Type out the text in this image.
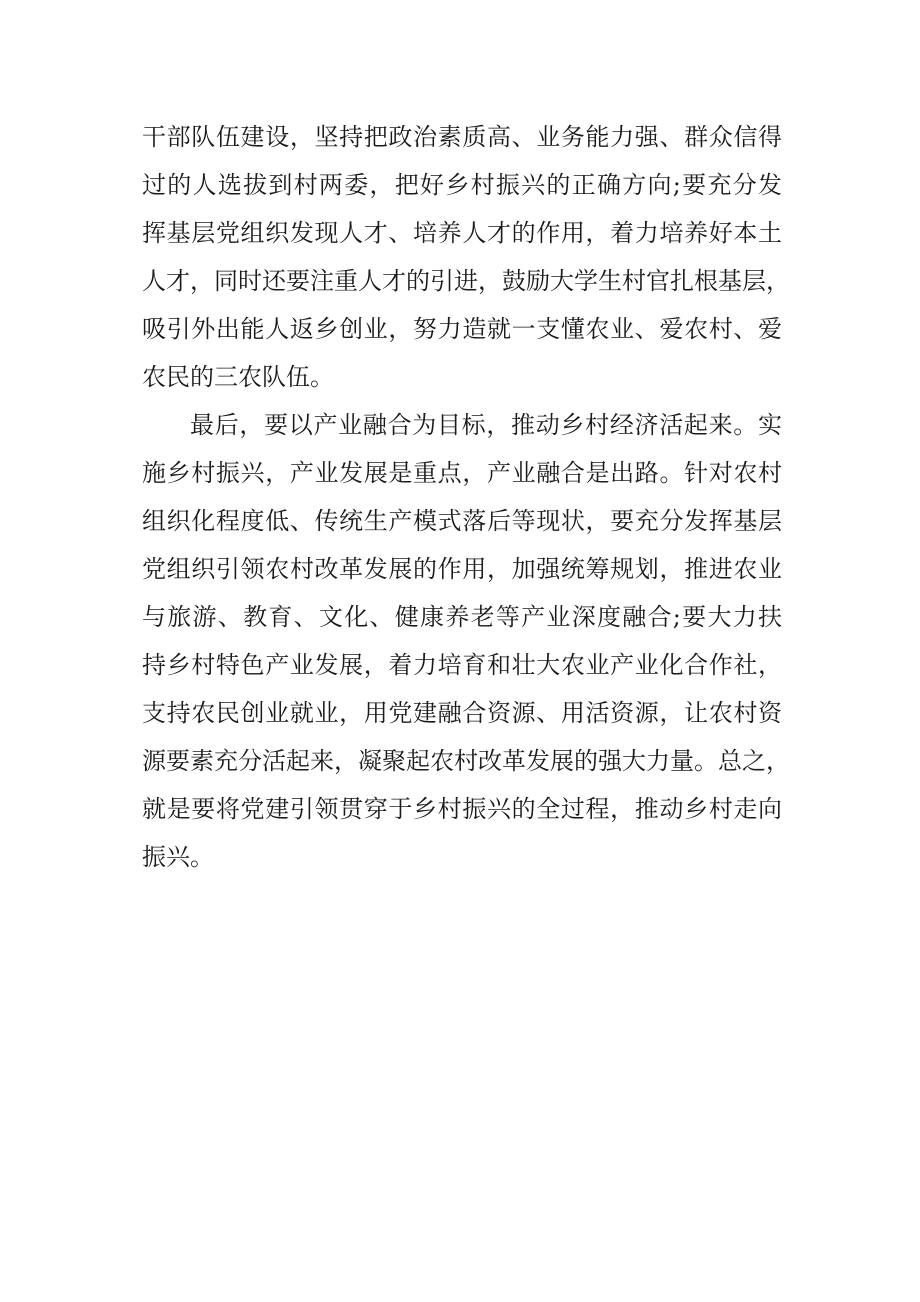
干部队伍建设，坚持把政治素质高、业务能力强、群众信得
过的人选拔到村两委，把好乡村振兴的正确方向;要充分发
挥基层党组织发现人才、培养人才的作用，着力培养好本土
人才，同时还要注重人才的引进，鼓励大学生村官扎根基层，
吸引外出能人返乡创业，努力造就一支懂农业、爱农村、爱
农民的三农队伍。
最后，要以产业融合为目标，推动乡村经济活起来。实
施乡村振兴，产业发展是重点，产业融合是出路。针对农村
组织化程度低、传统生产模式落后等现状，要充分发挥基层
党组织引领农村改革发展的作用，加强统筹规划，推进农业
与旅游、教育、文化、健康养老等产业深度融合;要大力扶
持乡村特色产业发展，着力培育和壮大农业产业化合作社，
支持农民创业就业，用党建融合资源、用活资源，让农村资
源要素充分活起来，凝聚起农村改革发展的强大力量。总之，
就是要将党建引领贯穿于乡村振兴的全过程，推动乡村走向
振兴。
